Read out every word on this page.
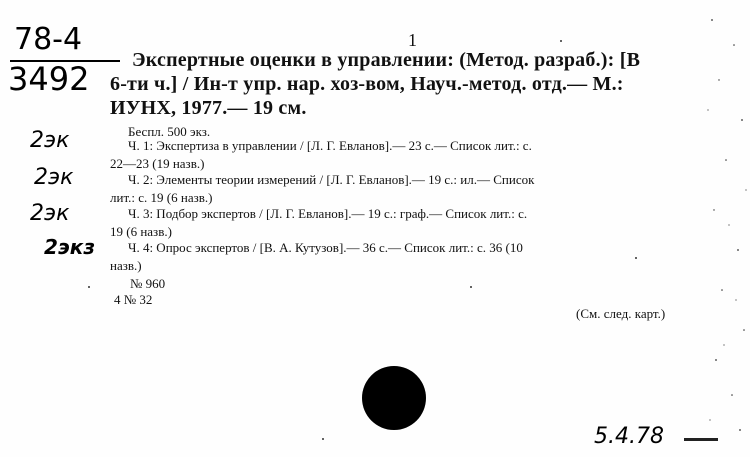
78-4
3492
1
Экспертные оценки в управлении: (Метод. разраб.): [В
6-ти ч.] / Ин-т упр. нар. хоз-вом, Науч.-метод. отд.— М.:
ИУНХ, 1977.— 19 см.
Беспл. 500 экз.
2эк
2эк
2эк
2экз
Ч. 1: Экспертиза в управлении / [Л. Г. Евланов].— 23 с.— Список лит.: с.
22—23 (19 назв.)
Ч. 2: Элементы теории измерений / [Л. Г. Евланов].— 19 с.: ил.— Список
лит.: с. 19 (6 назв.)
Ч. 3: Подбор экспертов / [Л. Г. Евланов].— 19 с.: граф.— Список лит.: с.
19 (6 назв.)
Ч. 4: Опрос экспертов / [В. А. Кутузов].— 36 с.— Список лит.: с. 36 (10
назв.)
№ 960
4 № 32
(См. след. карт.)
5.4.78
